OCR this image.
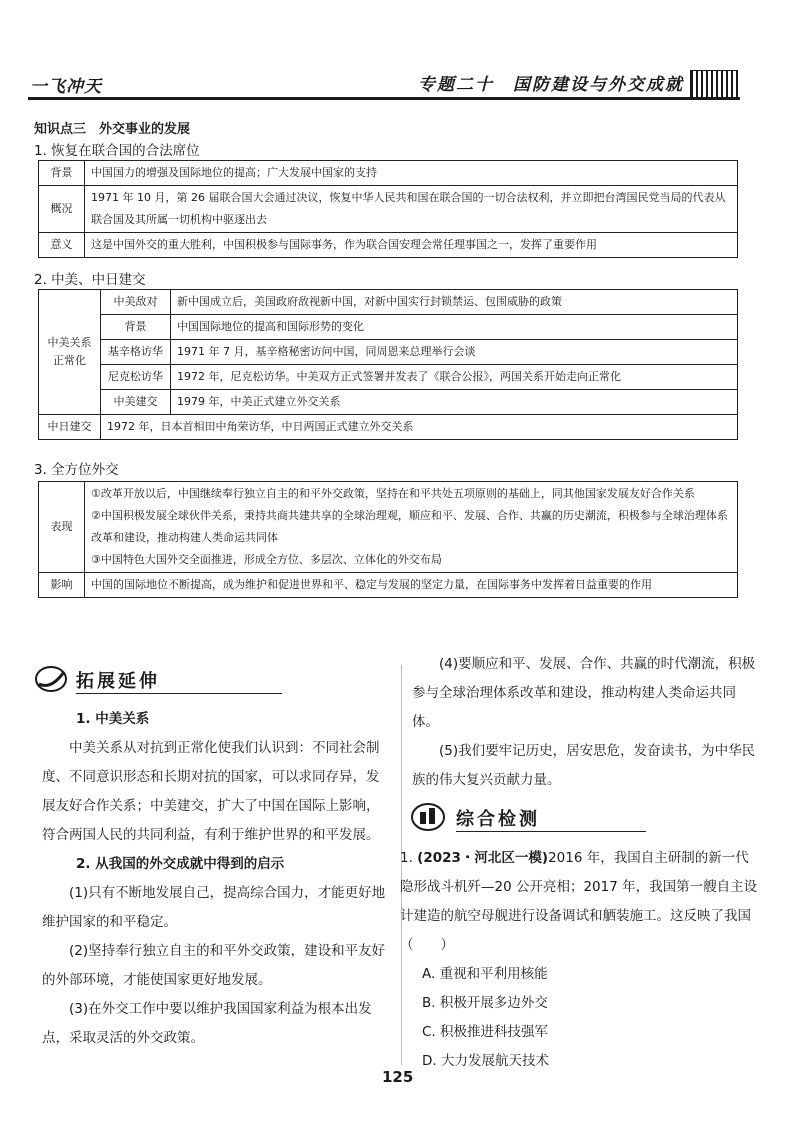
一飞冲天	专题二十　国防建设与外交成就
知识点三　外交事业的发展
1. 恢复在联合国的合法席位
背景	中国国力的增强及国际地位的提高；广大发展中国家的支持
概况	1971 年 10 月，第 26 届联合国大会通过决议，恢复中华人民共和国在联合国的一切合法权利，并立即把台湾国民党当局的代表从联合国及其所属一切机构中驱逐出去
意义	这是中国外交的重大胜利，中国积极参与国际事务，作为联合国安理会常任理事国之一，发挥了重要作用
2. 中美、中日建交
中美关系正常化	中美敌对	新中国成立后，美国政府敌视新中国，对新中国实行封锁禁运、包围威胁的政策
	背景	中国国际地位的提高和国际形势的变化
	基辛格访华	1971 年 7 月，基辛格秘密访问中国，同周恩来总理举行会谈
	尼克松访华	1972 年，尼克松访华。中美双方正式签署并发表了《联合公报》，两国关系开始走向正常化
	中美建交	1979 年，中美正式建立外交关系
中日建交	1972 年，日本首相田中角荣访华，中日两国正式建立外交关系	
3. 全方位外交
表现	①改革开放以后，中国继续奉行独立自主的和平外交政策，坚持在和平共处五项原则的基础上，同其他国家发展友好合作关系
②中国积极发展全球伙伴关系，秉持共商共建共享的全球治理观，顺应和平、发展、合作、共赢的历史潮流，积极参与全球治理体系改革和建设，推动构建人类命运共同体
③中国特色大国外交全面推进，形成全方位、多层次、立体化的外交布局

影响	中国的国际地位不断提高，成为维护和促进世界和平、稳定与发展的坚定力量，在国际事务中发挥着日益重要的作用
拓展延伸

1. 中美关系

中美关系从对抗到正常化使我们认识到：不同社会制度、不同意识形态和长期对抗的国家，可以求同存异，发展友好合作关系；中美建交，扩大了中国在国际上影响，符合两国人民的共同利益，有利于维护世界的和平发展。

2. 从我国的外交成就中得到的启示

(1)只有不断地发展自己，提高综合国力，才能更好地维护国家的和平稳定。

(2)坚持奉行独立自主的和平外交政策，建设和平友好的外部环境，才能使国家更好地发展。

(3)在外交工作中要以维护我国国家利益为根本出发点，采取灵活的外交政策。

(4)要顺应和平、发展、合作、共赢的时代潮流，积极参与全球治理体系改革和建设，推动构建人类命运共同体。

(5)我们要牢记历史，居安思危，发奋读书，为中华民族的伟大复兴贡献力量。

综合检测

1. (2023・河北区一模)2016 年，我国自主研制的新一代隐形战斗机歼—20 公开亮相；2017 年，我国第一艘自主设计建造的航空母舰进行设备调试和舾装施工。这反映了我国　（　　）

A. 重视和平利用核能

B. 积极开展多边外交

C. 积极推进科技强军

D. 大力发展航天技术

125
